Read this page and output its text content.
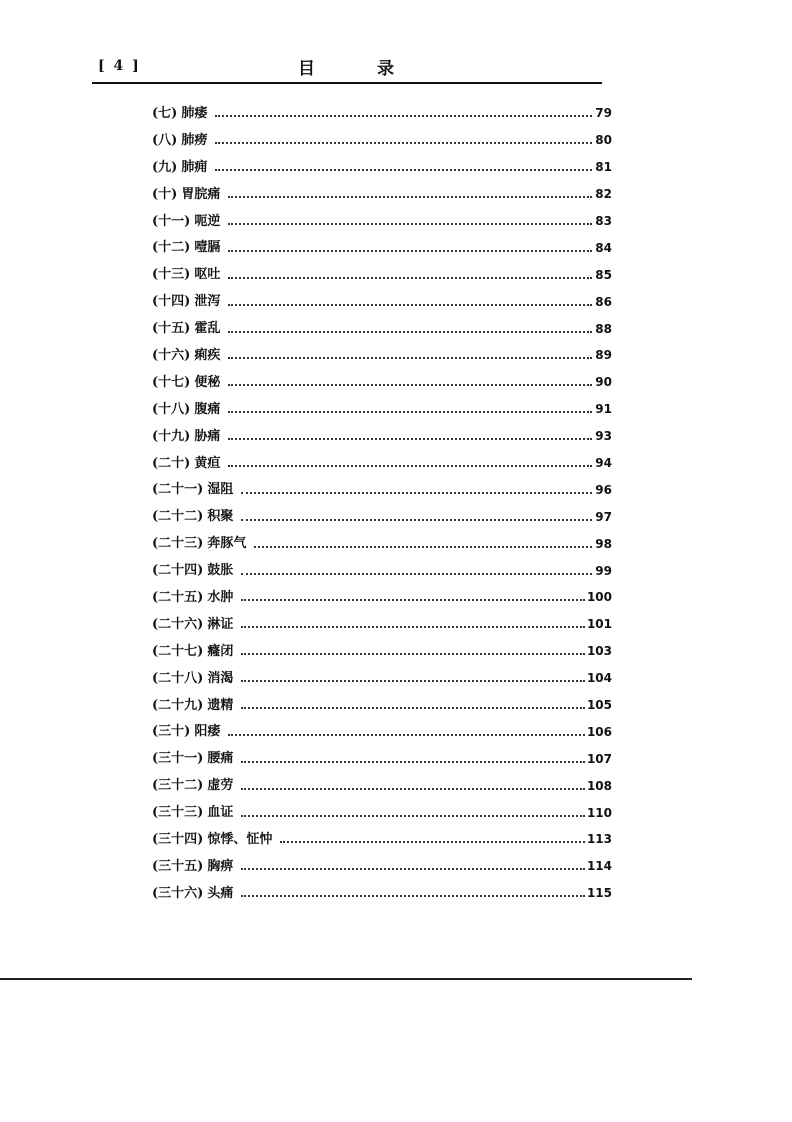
[ 4 ]	目录
(七) 肺痿	79
(八) 肺痨	80
(九) 肺痈	81
(十) 胃脘痛	82
(十一) 呃逆	83
(十二) 噎膈	84
(十三) 呕吐	85
(十四) 泄泻	86
(十五) 霍乱	88
(十六) 痢疾	89
(十七) 便秘	90
(十八) 腹痛	91
(十九) 胁痛	93
(二十) 黄疸	94
(二十一) 湿阻	96
(二十二) 积聚	97
(二十三) 奔豚气	98
(二十四) 鼓胀	99
(二十五) 水肿	100
(二十六) 淋证	101
(二十七) 癃闭	103
(二十八) 消渴	104
(二十九) 遗精	105
(三十) 阳痿	106
(三十一) 腰痛	107
(三十二) 虚劳	108
(三十三) 血证	110
(三十四) 惊悸、怔忡	113
(三十五) 胸痹	114
(三十六) 头痛	115
